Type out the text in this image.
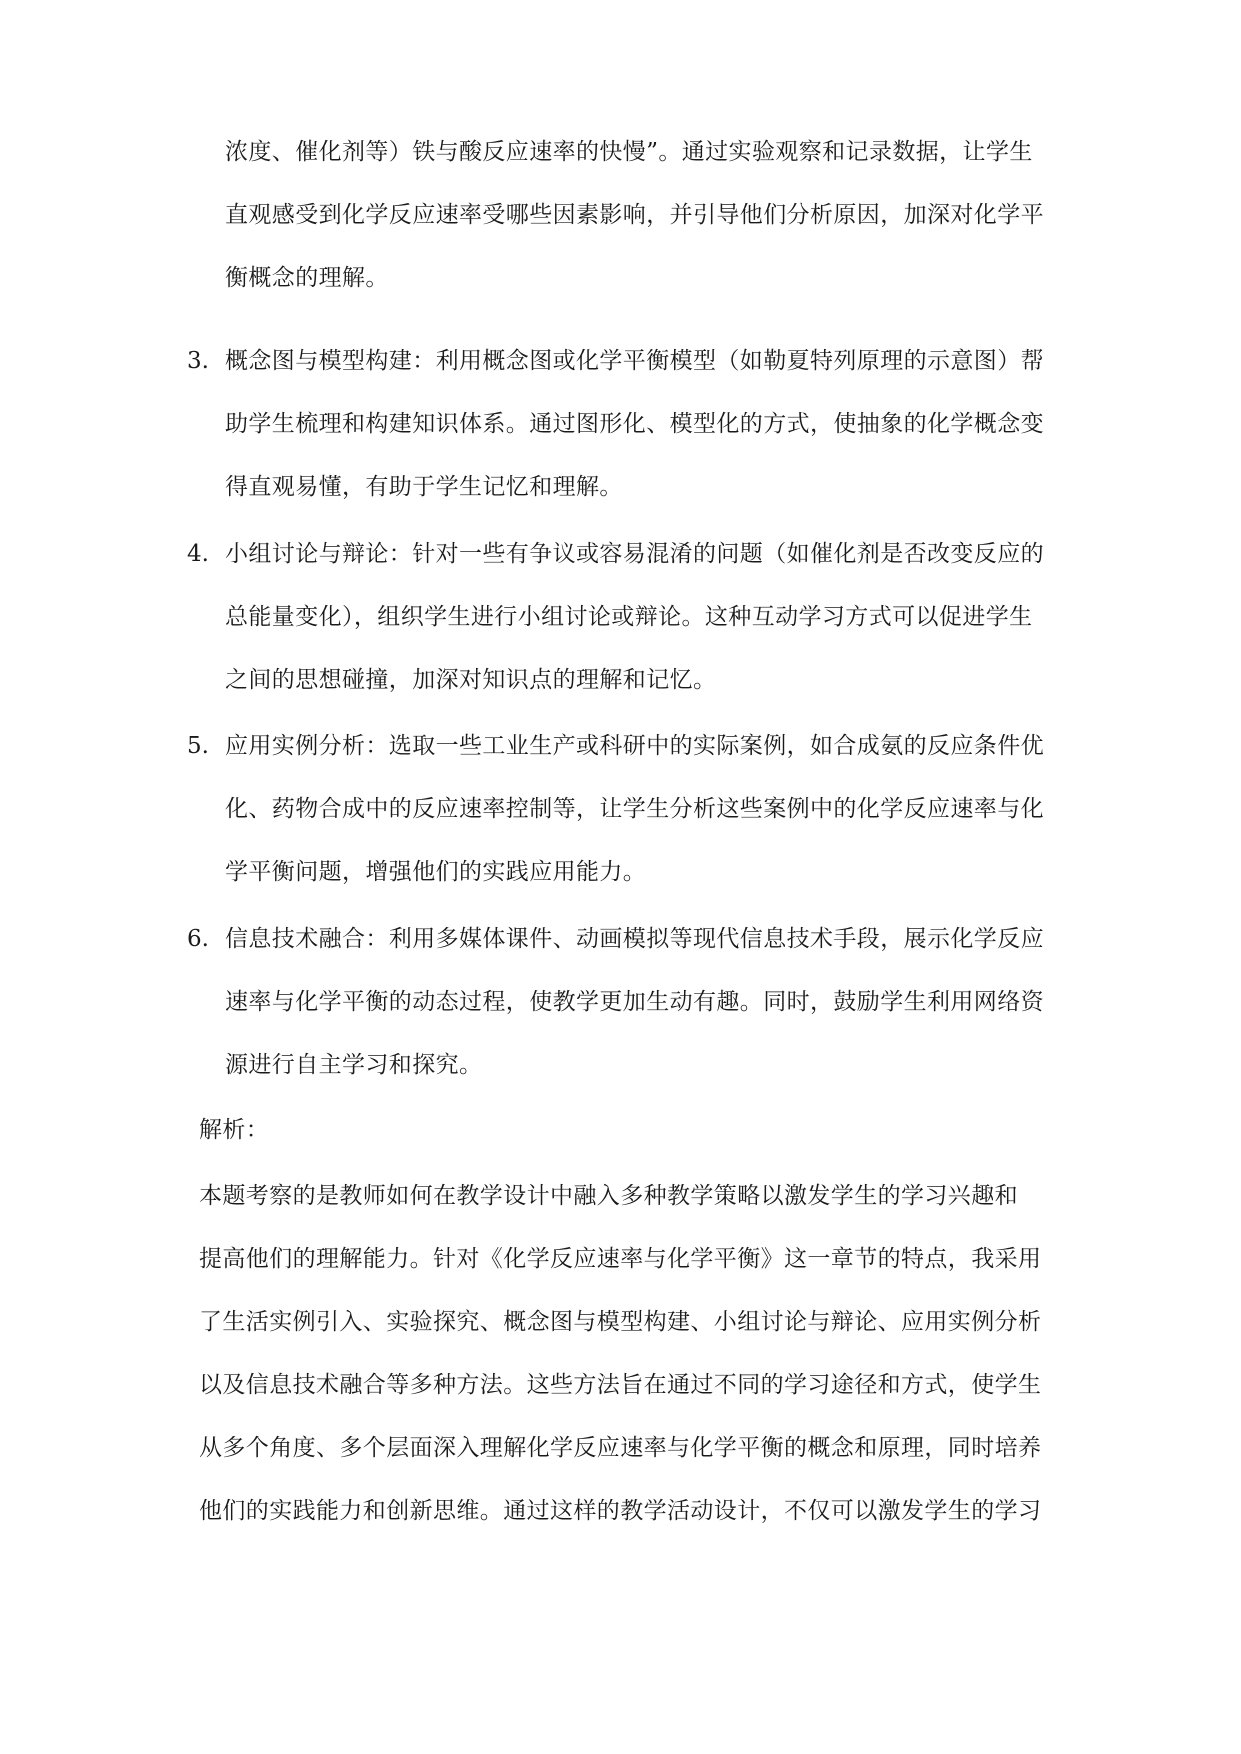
浓度、催化剂等）铁与酸反应速率的快慢”。通过实验观察和记录数据，让学生
直观感受到化学反应速率受哪些因素影响，并引导他们分析原因，加深对化学平
衡概念的理解。
3. 概念图与模型构建：利用概念图或化学平衡模型（如勒夏特列原理的示意图）帮
助学生梳理和构建知识体系。通过图形化、模型化的方式，使抽象的化学概念变
得直观易懂，有助于学生记忆和理解。
4. 小组讨论与辩论：针对一些有争议或容易混淆的问题（如催化剂是否改变反应的
总能量变化），组织学生进行小组讨论或辩论。这种互动学习方式可以促进学生
之间的思想碰撞，加深对知识点的理解和记忆。
5. 应用实例分析：选取一些工业生产或科研中的实际案例，如合成氨的反应条件优
化、药物合成中的反应速率控制等，让学生分析这些案例中的化学反应速率与化
学平衡问题，增强他们的实践应用能力。
6. 信息技术融合：利用多媒体课件、动画模拟等现代信息技术手段，展示化学反应
速率与化学平衡的动态过程，使教学更加生动有趣。同时，鼓励学生利用网络资
源进行自主学习和探究。
解析：
本题考察的是教师如何在教学设计中融入多种教学策略以激发学生的学习兴趣和
提高他们的理解能力。针对《化学反应速率与化学平衡》这一章节的特点，我采用
了生活实例引入、实验探究、概念图与模型构建、小组讨论与辩论、应用实例分析
以及信息技术融合等多种方法。这些方法旨在通过不同的学习途径和方式，使学生
从多个角度、多个层面深入理解化学反应速率与化学平衡的概念和原理，同时培养
他们的实践能力和创新思维。通过这样的教学活动设计，不仅可以激发学生的学习
